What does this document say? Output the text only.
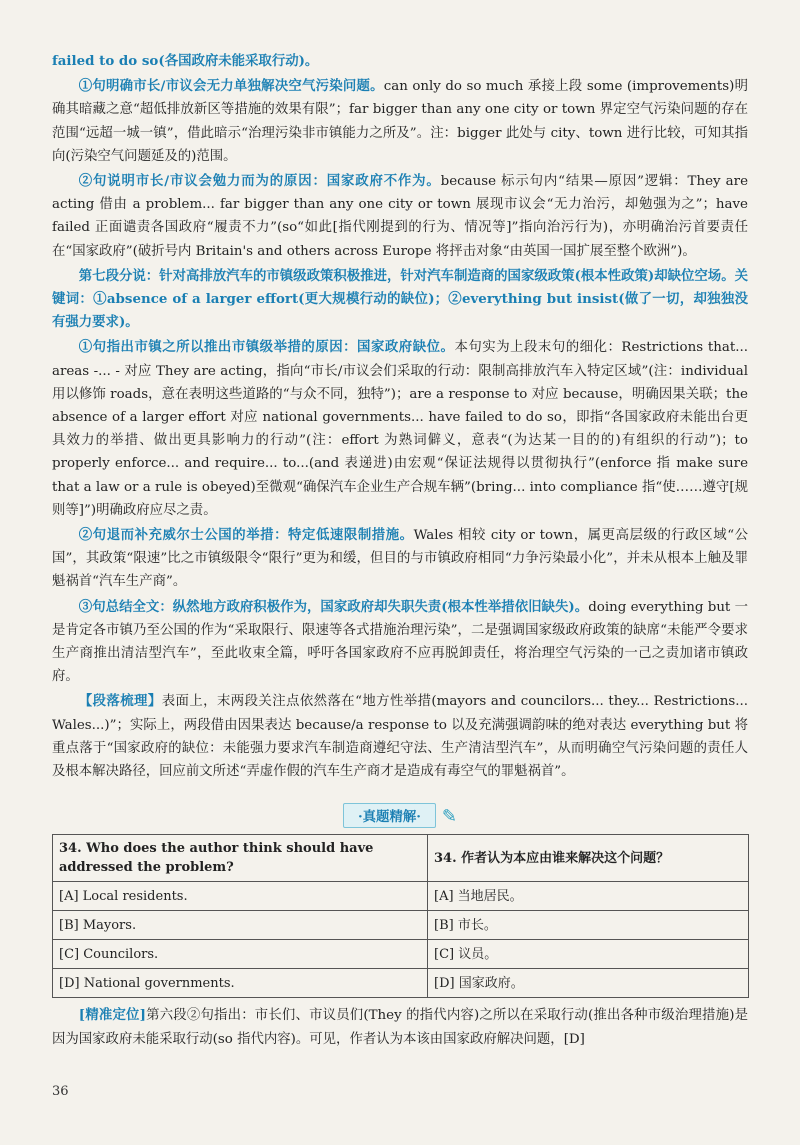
failed to do so(各国政府未能采取行动)。

①句明确市长/市议会无力单独解决空气污染问题。can only do so much 承接上段 some (improvements)明确其暗藏之意“超低排放新区等措施的效果有限”；far bigger than any one city or town 界定空气污染问题的存在范围“远超一城一镇”，借此暗示“治理污染非市镇能力之所及”。注：bigger 此处与 city、town 进行比较，可知其指向(污染空气问题延及的)范围。

②句说明市长/市议会勉力而为的原因：国家政府不作为。because 标示句内“结果—原因”逻辑：They are acting 借由 a problem... far bigger than any one city or town 展现市议会“无力治污，却勉强为之”；have failed 正面谴责各国政府“履责不力”(so“如此[指代刚提到的行为、情况等]”指向治污行为)，亦明确治污首要责任在“国家政府”(破折号内 Britain's and others across Europe 将抨击对象“由英国一国扩展至整个欧洲”)。

第七段分说：针对高排放汽车的市镇级政策积极推进，针对汽车制造商的国家级政策(根本性政策)却缺位空场。关键词：①absence of a larger effort(更大规模行动的缺位)；②everything but insist(做了一切，却独独没有强力要求)。

①句指出市镇之所以推出市镇级举措的原因：国家政府缺位。本句实为上段末句的细化：Restrictions that... areas -... - 对应 They are acting，指向“市长/市议会们采取的行动：限制高排放汽车入特定区域”(注：individual 用以修饰 roads，意在表明这些道路的“与众不同，独特”)；are a response to 对应 because，明确因果关联；the absence of a larger effort 对应 national governments... have failed to do so，即指“各国家政府未能出台更具效力的举措、做出更具影响力的行动”(注：effort 为熟词僻义，意表“(为达某一目的的)有组织的行动”)；to properly enforce... and require... to...(and 表递进)由宏观“保证法规得以贯彻执行”(enforce 指 make sure that a law or a rule is obeyed)至微观“确保汽车企业生产合规车辆”(bring... into compliance 指“使……遵守[规则等]”)明确政府应尽之责。

②句退而补充威尔士公国的举措：特定低速限制措施。Wales 相较 city or town，属更高层级的行政区域“公国”，其政策“限速”比之市镇级限令“限行”更为和缓，但目的与市镇政府相同“力争污染最小化”，并未从根本上触及罪魁祸首“汽车生产商”。

③句总结全文：纵然地方政府积极作为，国家政府却失职失责(根本性举措依旧缺失)。doing everything but 一是肯定各市镇乃至公国的作为“采取限行、限速等各式措施治理污染”，二是强调国家级政府政策的缺席“未能严令要求生产商推出清洁型汽车”，至此收束全篇，呼吁各国家政府不应再脱卸责任，将治理空气污染的一己之责加诸市镇政府。

【段落梳理】表面上，末两段关注点依然落在“地方性举措(mayors and councilors... they... Restrictions... Wales...)”；实际上，两段借由因果表达 because/a response to 以及充满强调韵味的绝对表达 everything but 将重点落于“国家政府的缺位：未能强力要求汽车制造商遵纪守法、生产清洁型汽车”，从而明确空气污染问题的责任人及根本解决路径，回应前文所述“弄虚作假的汽车生产商才是造成有毒空气的罪魁祸首”。

·真题精解· ✎
34. Who does the author think should have addressed the problem?	34. 作者认为本应由谁来解决这个问题？
[A] Local residents.	[A] 当地居民。
[B] Mayors.	[B] 市长。
[C] Councilors.	[C] 议员。
[D] National governments.	[D] 国家政府。

[精准定位]第六段②句指出：市长们、市议员们(They 的指代内容)之所以在采取行动(推出各种市级治理措施)是因为国家政府未能采取行动(so 指代内容)。可见，作者认为本该由国家政府解决问题，[D]

36
